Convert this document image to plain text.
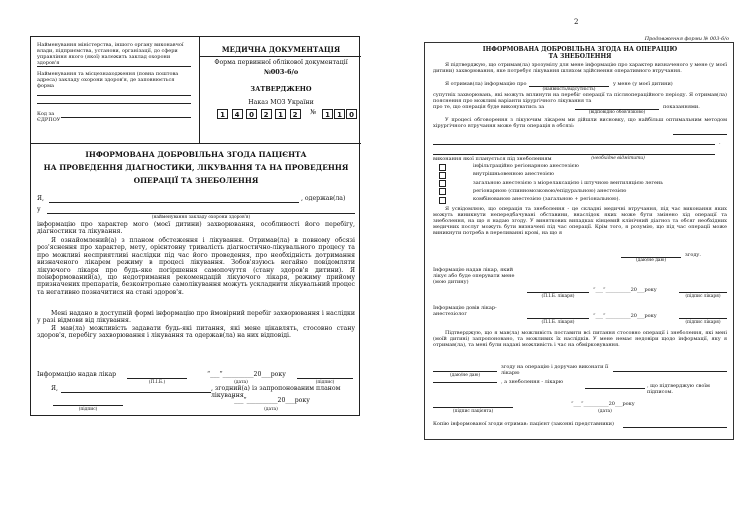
Найменування міністерства, іншого органу виконавчої влади, підприємства, установи, організації, до сфери управління якого (якої) належить заклад охорони здоров'я
Найменування та місцезнаходження (повна поштова адреса) закладу охорони здоров'я, де заповнюється форма
Код за ЄДРПОУ
МЕДИЧНА ДОКУМЕНТАЦІЯ
Форма первинної облікової документації
№003-6/о
ЗАТВЕРДЖЕНО
Наказ МОЗ України
№
ІНФОРМОВАНА ДОБРОВІЛЬНА ЗГОДА ПАЦІЄНТА
НА ПРОВЕДЕННЯ ДІАГНОСТИКИ, ЛІКУВАННЯ ТА НА ПРОВЕДЕННЯ
ОПЕРАЦІЇ ТА ЗНЕБОЛЕННЯ
Я,	, одержав(ла)
у
(найменування закладу охорони здоров'я)
інформацію про характер мого (моєї дитини) захворювання, особливості його перебігу, діагностики та лікування.
Я ознайомлений(а) з планом обстеження і лікування. Отримав(ла) в повному обсязі роз'яснення про характер, мету, орієнтовну тривалість діагностично-лікувального процесу та про можливі несприятливі наслідки під час його проведення, про необхідність дотримання визначеного лікарем режиму в процесі лікування. Зобов'язуюсь негайно повідомляти лікуючого лікаря про будь-яке погіршення самопочуття (стану здоров'я дитини). Я поінформований(а), що недотримання рекомендацій лікуючого лікаря, режиму прийому призначених препаратів, безконтрольне самолікування можуть ускладнити лікувальний процес та негативно позначитися на стані здоров'я.
Мені надано в доступній формі інформацію про ймовірний перебіг захворювання і наслідки у разі відмови від лікування.
Я мав(ла) можливість задавати будь-які питання, які мене цікавлять, стосовно стану здоров'я, перебігу захворювання і лікування та одержав(ла) на них відповіді.
Інформацію надав лікар	“___”__________20___року
(П.І.Б.)	(дата)	(підпис)
Я,	, згодний(а) із запропонованим планом лікування
“___”__________20___року
(підпис)	(дата)
1	4	0	2	1	2	1	1	0
2
Продовження форми № 003-6/о
ІНФОРМОВАНА ДОБРОВІЛЬНА ЗГОДА НА ОПЕРАЦІЮ
ТА ЗНЕБОЛЕННЯ
Я підтверджую, що отримав(ла) зрозумілу для мене інформацію про характер визначеного у мене (у моєї дитини) захворювання, яке потребує лікування шляхом здійснення оперативного втручання.
Я отримав(ла) інформацію про	у мене (у моєї дитини)
(наявність/відсутність)
супутніх захворювань, які можуть вплинути на перебіг операції та післяопераційного періоду. Я отримав(ла) пояснення про можливі варіанти хірургічного лікування та
про те, що операція буде виконуватись за	показаннями.
(відповідно обов'язково)
У процесі обговорення з лікуючим лікарем ми дійшли висновку, що найбільш оптимальним методом хірургічного втручання може бути операція в обсязі:
.
виконання якої планується під знеболенням	(необхідне відмітити)
Я усвідомлюю, що операція та знеболення - це складні медичні втручання, під час виконання яких можуть виникнути непередбачувані обставини, внаслідок яких може бути змінено хід операції та знеболення, на що я надаю згоду. У виняткових випадках кінцевий клінічний діагноз та обсяг необхідних медичних послуг можуть бути визначені під час операції. Крім того, я розумію, що під час операції може виникнути потреба в переливанні крові, на що я
згоду.
(даю/не даю)
Інформацію надав лікар, який лікує або буде оперувати мене (мою дитину)
“___”__________20___року
(П.І.Б. лікаря)	(підпис лікаря)
Інформацію довів лікар-анестезіолог	“___”__________20___року
(П.І.Б. лікаря)	(підпис лікаря)
Підтверджую, що я мав(ла) можливість поставити всі питання стосовно операції і знеболення, які мені (моїй дитині) запропоновано, та можливих їх наслідків. У мене немає недовіри щодо інформації, яку я отримав(ла), та мені були надані можливість і час на обмірковування.
згоду на операцію і доручаю виконати її лікарю
(даю/не даю)
, а знеболення - лікарю
, що підтверджую своїм підписом.
(підпис пацієнта)
“___”__________20___року
(дата)
Копію інформованої згоди отримав: пацієнт (законні представники)
інфільтраційно регіонарною анестезією
внутрішньовенною анестезією
загальною анестезією з міорелаксацією і штучною вентиляцією легень
регіонарною (спинномозковою/епідуральною) анестезією
комбінованою анестезією (загальною + регіональною).
